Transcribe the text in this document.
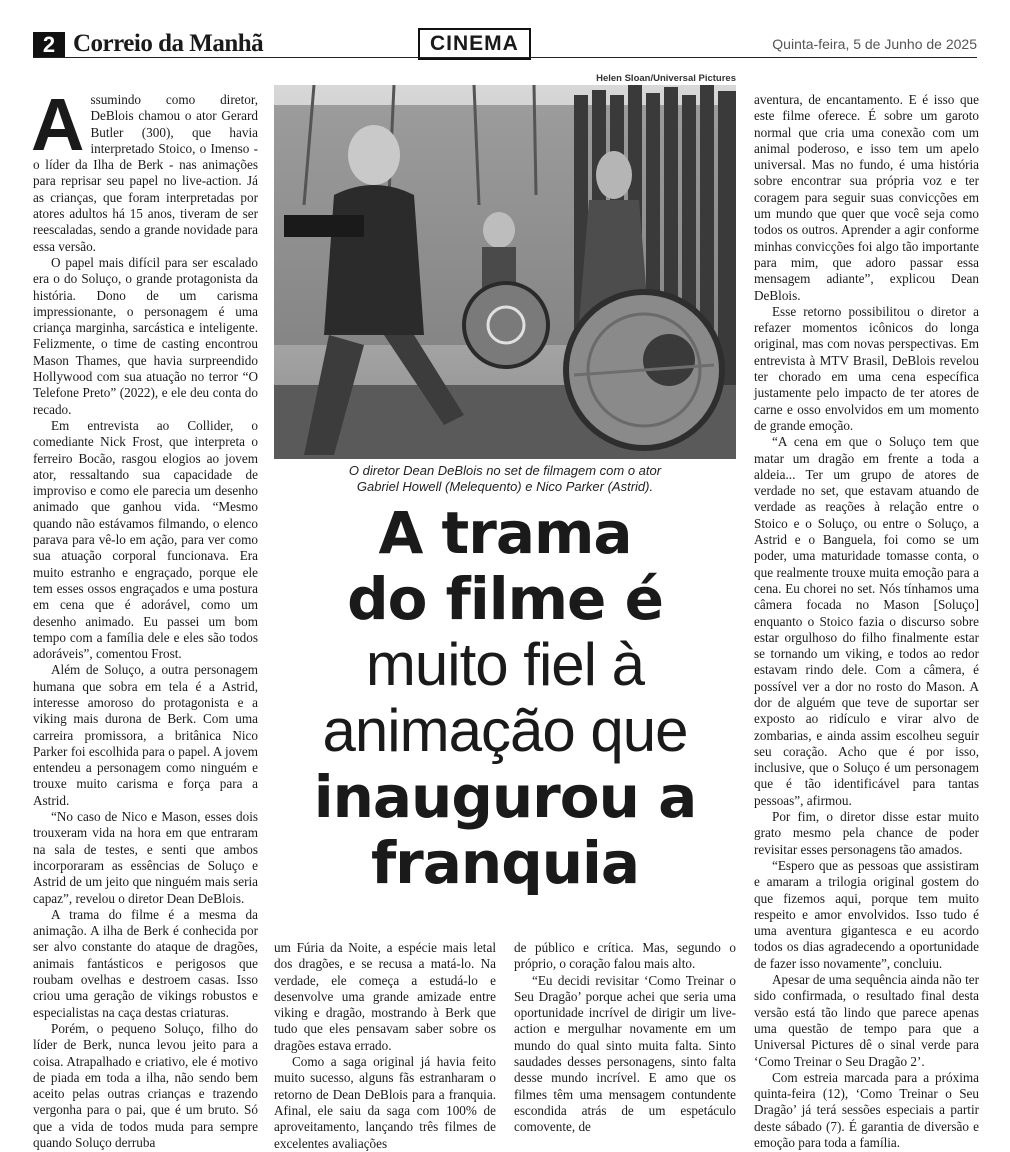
2 Correio da Manhã	CINEMA	Quinta-feira, 5 de Junho de 2025

Assumindo como diretor, DeBlois chamou o ator Gerard Butler (300), que havia interpretado Stoico, o Imenso - o líder da Ilha de Berk - nas animações para reprisar seu papel no live-action. Já as crianças, que foram interpretadas por atores adultos há 15 anos, tiveram de ser reescaladas, sendo a grande novidade para essa versão.

O papel mais difícil para ser escalado era o do Soluço, o grande protagonista da história. Dono de um carisma impressionante, o personagem é uma criança marginha, sarcástica e inteligente. Felizmente, o time de casting encontrou Mason Thames, que havia surpreendido Hollywood com sua atuação no terror “O Telefone Preto” (2022), e ele deu conta do recado.

Em entrevista ao Collider, o comediante Nick Frost, que interpreta o ferreiro Bocão, rasgou elogios ao jovem ator, ressaltando sua capacidade de improviso e como ele parecia um desenho animado que ganhou vida. “Mesmo quando não estávamos filmando, o elenco parava para vê-lo em ação, para ver como sua atuação corporal funcionava. Era muito estranho e engraçado, porque ele tem esses ossos engraçados e uma postura em cena que é adorável, como um desenho animado. Eu passei um bom tempo com a família dele e eles são todos adoráveis”, comentou Frost.

Além de Soluço, a outra personagem humana que sobra em tela é a Astrid, interesse amoroso do protagonista e a viking mais durona de Berk. Com uma carreira promissora, a britânica Nico Parker foi escolhida para o papel. A jovem entendeu a personagem como ninguém e trouxe muito carisma e força para a Astrid.

“No caso de Nico e Mason, esses dois trouxeram vida na hora em que entraram na sala de testes, e senti que ambos incorporaram as essências de Soluço e Astrid de um jeito que ninguém mais seria capaz”, revelou o diretor Dean DeBlois.

A trama do filme é a mesma da animação. A ilha de Berk é conhecida por ser alvo constante do ataque de dragões, animais fantásticos e perigosos que roubam ovelhas e destroem casas. Isso criou uma geração de vikings robustos e especialistas na caça destas criaturas.

Porém, o pequeno Soluço, filho do líder de Berk, nunca levou jeito para a coisa. Atrapalhado e criativo, ele é motivo de piada em toda a ilha, não sendo bem aceito pelas outras crianças e trazendo vergonha para o pai, que é um bruto. Só que a vida de todos muda para sempre quando Soluço derruba

Helen Sloan/Universal Pictures
O diretor Dean DeBlois no set de filmagem com o ator
Gabriel Howell (Melequento) e Nico Parker (Astrid).
A trama
do filme é
muito fiel à
animação que
inaugurou a
franquia

um Fúria da Noite, a espécie mais letal dos dragões, e se recusa a matá-lo. Na verdade, ele começa a estudá-lo e desenvolve uma grande amizade entre viking e dragão, mostrando à Berk que tudo que eles pensavam saber sobre os dragões estava errado.

Como a saga original já havia feito muito sucesso, alguns fãs estranharam o retorno de Dean DeBlois para a franquia. Afinal, ele saiu da saga com 100% de aproveitamento, lançando três filmes de excelentes avaliações

de público e crítica. Mas, segundo o próprio, o coração falou mais alto.

“Eu decidi revisitar ‘Como Treinar o Seu Dragão’ porque achei que seria uma oportunidade incrível de dirigir um live-action e mergulhar novamente em um mundo do qual sinto muita falta. Sinto saudades desses personagens, sinto falta desse mundo incrível. E amo que os filmes têm uma mensagem contundente escondida atrás de um espetáculo comovente, de

aventura, de encantamento. E é isso que este filme oferece. É sobre um garoto normal que cria uma conexão com um animal poderoso, e isso tem um apelo universal. Mas no fundo, é uma história sobre encontrar sua própria voz e ter coragem para seguir suas convicções em um mundo que quer que você seja como todos os outros. Aprender a agir conforme minhas convicções foi algo tão importante para mim, que adoro passar essa mensagem adiante”, explicou Dean DeBlois.

Esse retorno possibilitou o diretor a refazer momentos icônicos do longa original, mas com novas perspectivas. Em entrevista à MTV Brasil, DeBlois revelou ter chorado em uma cena específica justamente pelo impacto de ter atores de carne e osso envolvidos em um momento de grande emoção.

“A cena em que o Soluço tem que matar um dragão em frente a toda a aldeia... Ter um grupo de atores de verdade no set, que estavam atuando de verdade as reações à relação entre o Stoico e o Soluço, ou entre o Soluço, a Astrid e o Banguela, foi como se um poder, uma maturidade tomasse conta, o que realmente trouxe muita emoção para a cena. Eu chorei no set. Nós tínhamos uma câmera focada no Mason [Soluço] enquanto o Stoico fazia o discurso sobre estar orgulhoso do filho finalmente estar se tornando um viking, e todos ao redor estavam rindo dele. Com a câmera, é possível ver a dor no rosto do Mason. A dor de alguém que teve de suportar ser exposto ao ridículo e virar alvo de zombarias, e ainda assim escolheu seguir seu coração. Acho que é por isso, inclusive, que o Soluço é um personagem que é tão identificável para tantas pessoas”, afirmou.

Por fim, o diretor disse estar muito grato mesmo pela chance de poder revisitar esses personagens tão amados.

“Espero que as pessoas que assistiram e amaram a trilogia original gostem do que fizemos aqui, porque tem muito respeito e amor envolvidos. Isso tudo é uma aventura gigantesca e eu acordo todos os dias agradecendo a oportunidade de fazer isso novamente”, concluiu.

Apesar de uma sequência ainda não ter sido confirmada, o resultado final desta versão está tão lindo que parece apenas uma questão de tempo para que a Universal Pictures dê o sinal verde para ‘Como Treinar o Seu Dragão 2’.

Com estreia marcada para a próxima quinta-feira (12), ‘Como Treinar o Seu Dragão’ já terá sessões especiais a partir deste sábado (7). É garantia de diversão e emoção para toda a família.
